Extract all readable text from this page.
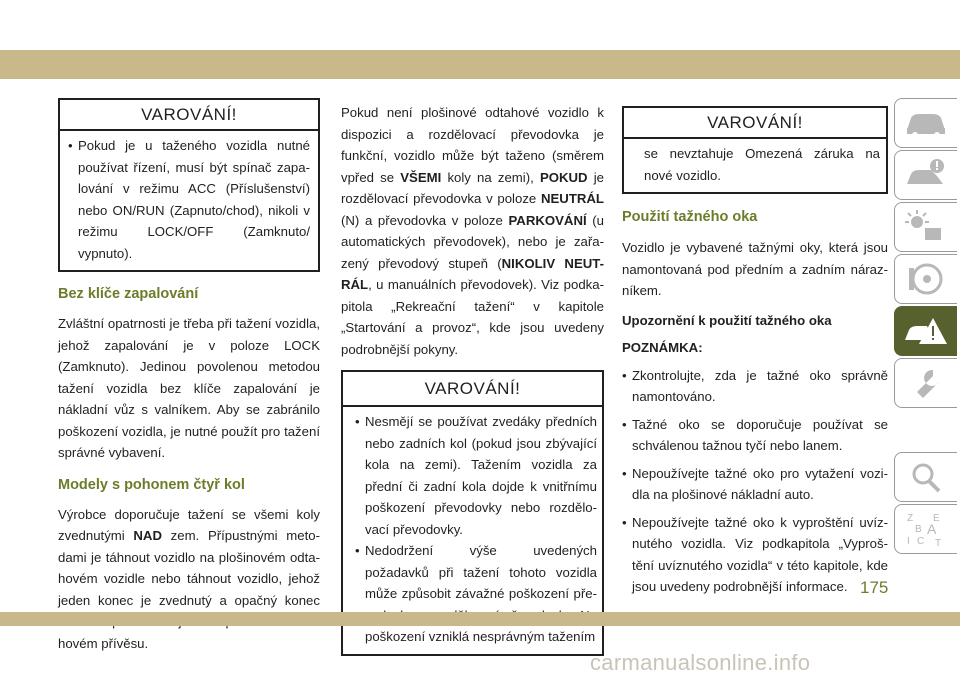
VAROVÁNÍ!
• Pokud je u taženého vozidla nutné používat řízení, musí být spínač zapa-lování v režimu ACC (Příslušenství) nebo ON/RUN (Zapnuto/chod), nikoli v režimu LOCK/OFF (Zamknuto/ vypnuto).
Bez klíče zapalování

Zvláštní opatrnosti je třeba při tažení vozidla, jehož zapalování je v poloze LOCK (Zamknuto). Jedinou povolenou metodou tažení vozidla bez klíče zapalování je nákladní vůz s valníkem. Aby se zabránilo poškození vozidla, je nutné použít pro tažení správné vybavení.

Modely s pohonem čtyř kol

Výrobce doporučuje tažení se všemi koly zvednutými NAD zem. Přípustnými meto-dami je táhnout vozidlo na plošinovém odta-hovém vozidle nebo táhnout vozidlo, jehož jeden konec je zvednutý a opačný konec hovém přívěsu.

Pokud není plošinové odtahové vozidlo k dispozici a rozdělovací převodovka je funkční, vozidlo může být taženo (směrem vpřed se VŠEMI koly na zemi), POKUD je rozdělovací převodovka v poloze NEUTRÁL (N) a převodovka v poloze PARKOVÁNÍ (u automatických převodovek), nebo je zařa-zený převodový stupeň (NIKOLIV NEUT-RÁL, u manuálních převodovek). Viz podka-pitola „Rekreační tažení“ v kapitole „Startování a provoz“, kde jsou uvedeny podrobnější pokyny.

VAROVÁNÍ!
• Nesmějí se používat zvedáky předních nebo zadních kol (pokud jsou zbývající kola na zemi). Tažením vozidla za přední či zadní kola dojde k vnitřnímu poškození převodovky nebo rozdělo-vací převodovky.
• Nedodržení výše uvedených požadavků při tažení tohoto vozidla může způsobit závažné poškození pře- poškození vzniklá nesprávným tažením
VAROVÁNÍ!

se nevztahuje Omezená záruka na nové vozidlo.

Použití tažného oka

Vozidlo je vybavené tažnými oky, která jsou namontovaná pod předním a zadním náraz-níkem.

Upozornění k použití tažného oka

POZNÁMKA:

• Zkontrolujte, zda je tažné oko správně namontováno.
• Tažné oko se doporučuje používat se schválenou tažnou tyčí nebo lanem.
• Nepoužívejte tažné oko pro vytažení vozi-dla na plošinové nákladní auto.
• Nepoužívejte tažné oko k vyproštění uvíz-nutého vozidla. Viz podkapitola „Vyproš-tění uvíznutého vozidla“ v této kapitole, kde jsou uvedeny podrobnější informace.
Z E
B A
I C T
175
carmanualsonline.info
